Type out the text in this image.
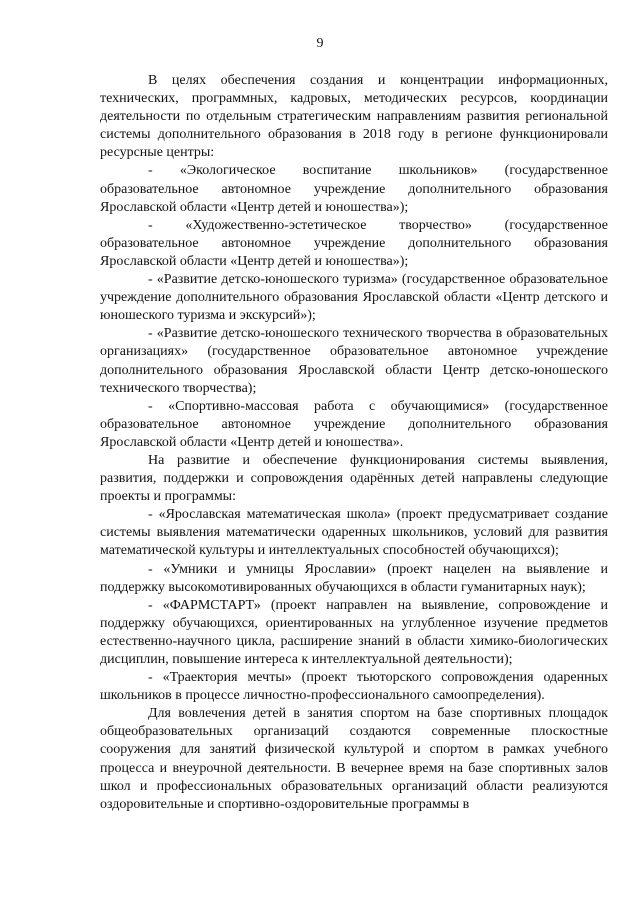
9

В целях обеспечения создания и концентрации информационных, технических, программных, кадровых, методических ресурсов, координации деятельности по отдельным стратегическим направлениям развития региональной системы дополнительного образования в 2018 году в регионе функционировали ресурсные центры:

- «Экологическое воспитание школьников» (государственное образовательное автономное учреждение дополнительного образования Ярославской области «Центр детей и юношества»);

- «Художественно-эстетическое творчество» (государственное образовательное автономное учреждение дополнительного образования Ярославской области «Центр детей и юношества»);

- «Развитие детско-юношеского туризма» (государственное образовательное учреждение дополнительного образования Ярославской области «Центр детского и юношеского туризма и экскурсий»);

- «Развитие детско-юношеского технического творчества в образовательных организациях» (государственное образовательное автономное учреждение дополнительного образования Ярославской области Центр детско-юношеского технического творчества);

- «Спортивно-массовая работа с обучающимися» (государственное образовательное автономное учреждение дополнительного образования Ярославской области «Центр детей и юношества».

На развитие и обеспечение функционирования системы выявления, развития, поддержки и сопровождения одарённых детей направлены следующие проекты и программы:

- «Ярославская математическая школа» (проект предусматривает создание системы выявления математически одаренных школьников, условий для развития математической культуры и интеллектуальных способностей обучающихся);

- «Умники и умницы Ярославии» (проект нацелен на выявление и поддержку высокомотивированных обучающихся в области гуманитарных наук);

- «ФАРМСТАРТ» (проект направлен на выявление, сопровождение и поддержку обучающихся, ориентированных на углубленное изучение предметов естественно-научного цикла, расширение знаний в области химико-биологических дисциплин, повышение интереса к интеллектуальной деятельности);

- «Траектория мечты» (проект тьюторского сопровождения одаренных школьников в процессе личностно-профессионального самоопределения).

Для вовлечения детей в занятия спортом на базе спортивных площадок общеобразовательных организаций создаются современные плоскостные сооружения для занятий физической культурой и спортом в рамках учебного процесса и внеурочной деятельности. В вечернее время на базе спортивных залов школ и профессиональных образовательных организаций области реализуются оздоровительные и спортивно-оздоровительные программы в
